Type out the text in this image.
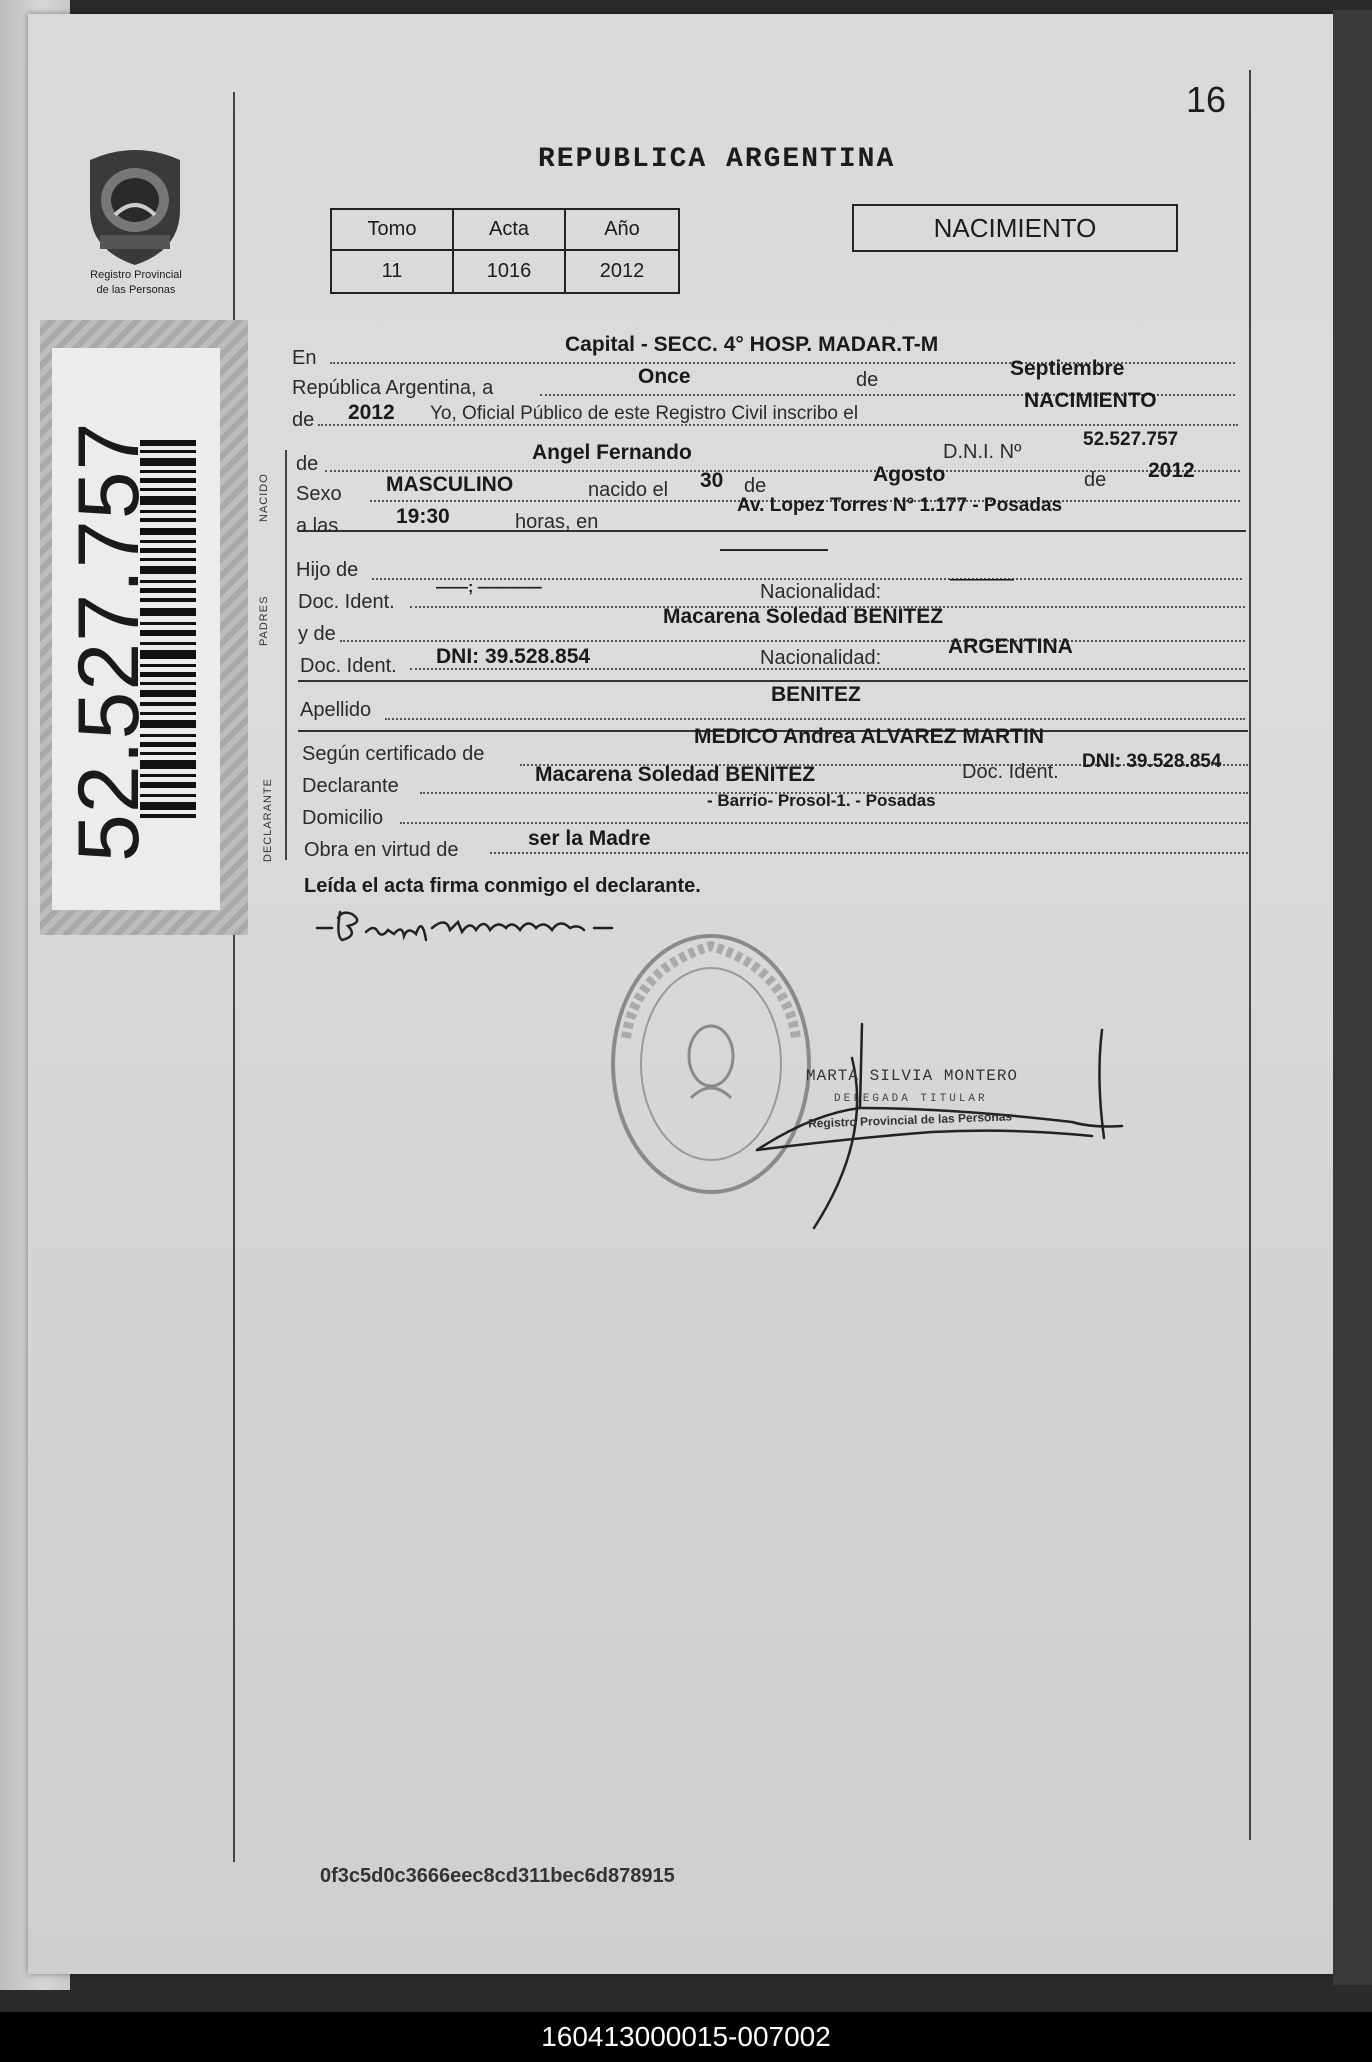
16
REPUBLICA ARGENTINA
Registro Provincial
de las Personas
Tomo	Acta	Año
11	1016	2012
NACIMIENTO
52.527.757	NACIDO
PADRES
DECLARANTE
En
Capital - SECC. 4° HOSP. MADAR.T-M
República Argentina, a	Once	de	Septiembre
de 2012 Yo, Oficial Público de este Registro Civil inscribo el
NACIMIENTO
de	Angel Fernando	D.N.I. Nº
52.527.757
Sexo MASCULINO	nacido el 30 de	Agosto	de 2012
a las	19:30	horas, en
Av. Lopez Torres N° 1.177 - Posadas
——————
Hijo de
Doc. Ident.
——; ————	Nacionalidad:
————
y de
Macarena Soledad BENITEZ
Doc. Ident. DNI: 39.528.854	Nacionalidad:	ARGENTINA
Apellido
BENITEZ
Según certificado de
MEDICO Andrea ALVAREZ MARTIN
Declarante	Macarena Soledad BENITEZ	Doc. Ident. DNI: 39.528.854
Domicilio
- Barrio- Prosol-1. - Posadas
Obra en virtud de	ser la Madre
Leída el acta firma conmigo el declarante.
MARTA SILVIA MONTERO
DELEGADA TITULAR
Registro Provincial de las Personas
0f3c5d0c3666eec8cd311bec6d878915
160413000015-007002
